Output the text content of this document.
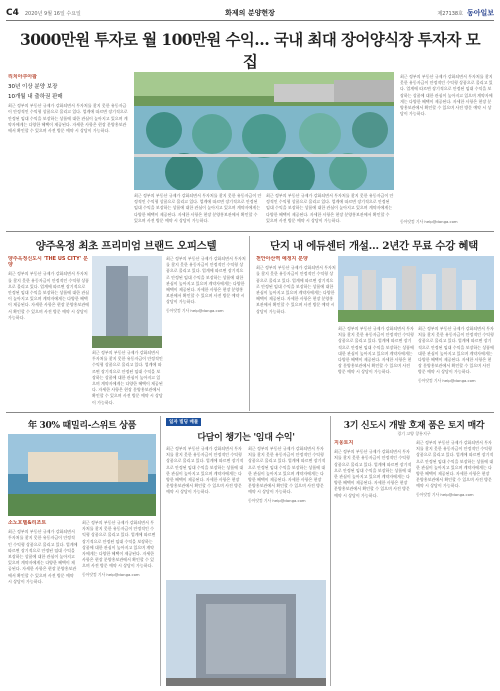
C4 2020년 9월 16일 수요일	화제의 분양현장	제27138호 동아일보
3000만원 투자로 월 100만원 수익… 국내 최대 장어양식장 투자자 모집
리치아쿠아팜
30년 이상 분양 보장
10개월 내 출하권 판매
최근 정부의 부동산 규제가 강화되면서 투자처를 찾지 못한 유동자금이 안정적인 수익형 상품으로 몰리고 있다. 업계에 따르면 장기적으로 안정된 임대 수익을 보장하는 상품에 대한 관심이 높아지고 있으며 계약자에게는 다양한 혜택이 제공된다. 자세한 사항은 현장 분양홍보관에서 확인할 수 있으며 사전 방문 예약 시 상담이 가능하다.
최근 정부의 부동산 규제가 강화되면서 투자처를 찾지 못한 유동자금이 안정적인 수익형 상품으로 몰리고 있다. 업계에 따르면 장기적으로 안정된 임대 수익을 보장하는 상품에 대한 관심이 높아지고 있으며 계약자에게는 다양한 혜택이 제공된다. 자세한 사항은 현장 분양홍보관에서 확인할 수 있으며 사전 방문 예약 시 상담이 가능하다.
최근 정부의 부동산 규제가 강화되면서 투자처를 찾지 못한 유동자금이 안정적인 수익형 상품으로 몰리고 있다. 업계에 따르면 장기적으로 안정된 임대 수익을 보장하는 상품에 대한 관심이 높아지고 있으며 계약자에게는 다양한 혜택이 제공된다. 자세한 사항은 현장 분양홍보관에서 확인할 수 있으며 사전 방문 예약 시 상담이 가능하다.
최근 정부의 부동산 규제가 강화되면서 투자처를 찾지 못한 유동자금이 안정적인 수익형 상품으로 몰리고 있다. 업계에 따르면 장기적으로 안정된 임대 수익을 보장하는 상품에 대한 관심이 높아지고 있으며 계약자에게는 다양한 혜택이 제공된다. 자세한 사항은 현장 분양홍보관에서 확인할 수 있으며 사전 방문 예약 시 상담이 가능하다.	동아닷컴 기사 help@donga.com
양주옥정 최초 프리미엄 브랜드 오피스텔	단지 내 에듀센터 개설… 2년간 무료 수강 혜택
양주옥정신도시 'THE US CITY' 분양
최근 정부의 부동산 규제가 강화되면서 투자처를 찾지 못한 유동자금이 안정적인 수익형 상품으로 몰리고 있다. 업계에 따르면 장기적으로 안정된 임대 수익을 보장하는 상품에 대한 관심이 높아지고 있으며 계약자에게는 다양한 혜택이 제공된다. 자세한 사항은 현장 분양홍보관에서 확인할 수 있으며 사전 방문 예약 시 상담이 가능하다.
최근 정부의 부동산 규제가 강화되면서 투자처를 찾지 못한 유동자금이 안정적인 수익형 상품으로 몰리고 있다. 업계에 따르면 장기적으로 안정된 임대 수익을 보장하는 상품에 대한 관심이 높아지고 있으며 계약자에게는 다양한 혜택이 제공된다. 자세한 사항은 현장 분양홍보관에서 확인할 수 있으며 사전 방문 예약 시 상담이 가능하다.
동아닷컴 기사 help@donga.com
최근 정부의 부동산 규제가 강화되면서 투자처를 찾지 못한 유동자금이 안정적인 수익형 상품으로 몰리고 있다. 업계에 따르면 장기적으로 안정된 임대 수익을 보장하는 상품에 대한 관심이 높아지고 있으며 계약자에게는 다양한 혜택이 제공된다. 자세한 사항은 현장 분양홍보관에서 확인할 수 있으며 사전 방문 예약 시 상담이 가능하다.
천안아산역 예정지 분양
최근 정부의 부동산 규제가 강화되면서 투자처를 찾지 못한 유동자금이 안정적인 수익형 상품으로 몰리고 있다. 업계에 따르면 장기적으로 안정된 임대 수익을 보장하는 상품에 대한 관심이 높아지고 있으며 계약자에게는 다양한 혜택이 제공된다. 자세한 사항은 현장 분양홍보관에서 확인할 수 있으며 사전 방문 예약 시 상담이 가능하다.
최근 정부의 부동산 규제가 강화되면서 투자처를 찾지 못한 유동자금이 안정적인 수익형 상품으로 몰리고 있다. 업계에 따르면 장기적으로 안정된 임대 수익을 보장하는 상품에 대한 관심이 높아지고 있으며 계약자에게는 다양한 혜택이 제공된다. 자세한 사항은 현장 분양홍보관에서 확인할 수 있으며 사전 방문 예약 시 상담이 가능하다.
최근 정부의 부동산 규제가 강화되면서 투자처를 찾지 못한 유동자금이 안정적인 수익형 상품으로 몰리고 있다. 업계에 따르면 장기적으로 안정된 임대 수익을 보장하는 상품에 대한 관심이 높아지고 있으며 계약자에게는 다양한 혜택이 제공된다. 자세한 사항은 현장 분양홍보관에서 확인할 수 있으며 사전 방문 예약 시 상담이 가능하다.
동아닷컴 기사 help@donga.com
年 30% 때밀리-스위트 상품
소노호텔&리조트
최근 정부의 부동산 규제가 강화되면서 투자처를 찾지 못한 유동자금이 안정적인 수익형 상품으로 몰리고 있다. 업계에 따르면 장기적으로 안정된 임대 수익을 보장하는 상품에 대한 관심이 높아지고 있으며 계약자에게는 다양한 혜택이 제공된다. 자세한 사항은 현장 분양홍보관에서 확인할 수 있으며 사전 방문 예약 시 상담이 가능하다.
최근 정부의 부동산 규제가 강화되면서 투자처를 찾지 못한 유동자금이 안정적인 수익형 상품으로 몰리고 있다. 업계에 따르면 장기적으로 안정된 임대 수익을 보장하는 상품에 대한 관심이 높아지고 있으며 계약자에게는 다양한 혜택이 제공된다. 자세한 사항은 현장 분양홍보관에서 확인할 수 있으며 사전 방문 예약 시 상담이 가능하다.
동아닷컴 기사 help@donga.com
일자 빌딩 매물
다담이 챙기는 '임대 수익'
최근 정부의 부동산 규제가 강화되면서 투자처를 찾지 못한 유동자금이 안정적인 수익형 상품으로 몰리고 있다. 업계에 따르면 장기적으로 안정된 임대 수익을 보장하는 상품에 대한 관심이 높아지고 있으며 계약자에게는 다양한 혜택이 제공된다. 자세한 사항은 현장 분양홍보관에서 확인할 수 있으며 사전 방문 예약 시 상담이 가능하다.
최근 정부의 부동산 규제가 강화되면서 투자처를 찾지 못한 유동자금이 안정적인 수익형 상품으로 몰리고 있다. 업계에 따르면 장기적으로 안정된 임대 수익을 보장하는 상품에 대한 관심이 높아지고 있으며 계약자에게는 다양한 혜택이 제공된다. 자세한 사항은 현장 분양홍보관에서 확인할 수 있으며 사전 방문 예약 시 상담이 가능하다.
동아닷컴 기사 help@donga.com
3기 신도시 개발 호재 품은 토지 매각
경기 고양 창릉지구
지웅토지
최근 정부의 부동산 규제가 강화되면서 투자처를 찾지 못한 유동자금이 안정적인 수익형 상품으로 몰리고 있다. 업계에 따르면 장기적으로 안정된 임대 수익을 보장하는 상품에 대한 관심이 높아지고 있으며 계약자에게는 다양한 혜택이 제공된다. 자세한 사항은 현장 분양홍보관에서 확인할 수 있으며 사전 방문 예약 시 상담이 가능하다.
최근 정부의 부동산 규제가 강화되면서 투자처를 찾지 못한 유동자금이 안정적인 수익형 상품으로 몰리고 있다. 업계에 따르면 장기적으로 안정된 임대 수익을 보장하는 상품에 대한 관심이 높아지고 있으며 계약자에게는 다양한 혜택이 제공된다. 자세한 사항은 현장 분양홍보관에서 확인할 수 있으며 사전 방문 예약 시 상담이 가능하다.
동아닷컴 기사 help@donga.com
